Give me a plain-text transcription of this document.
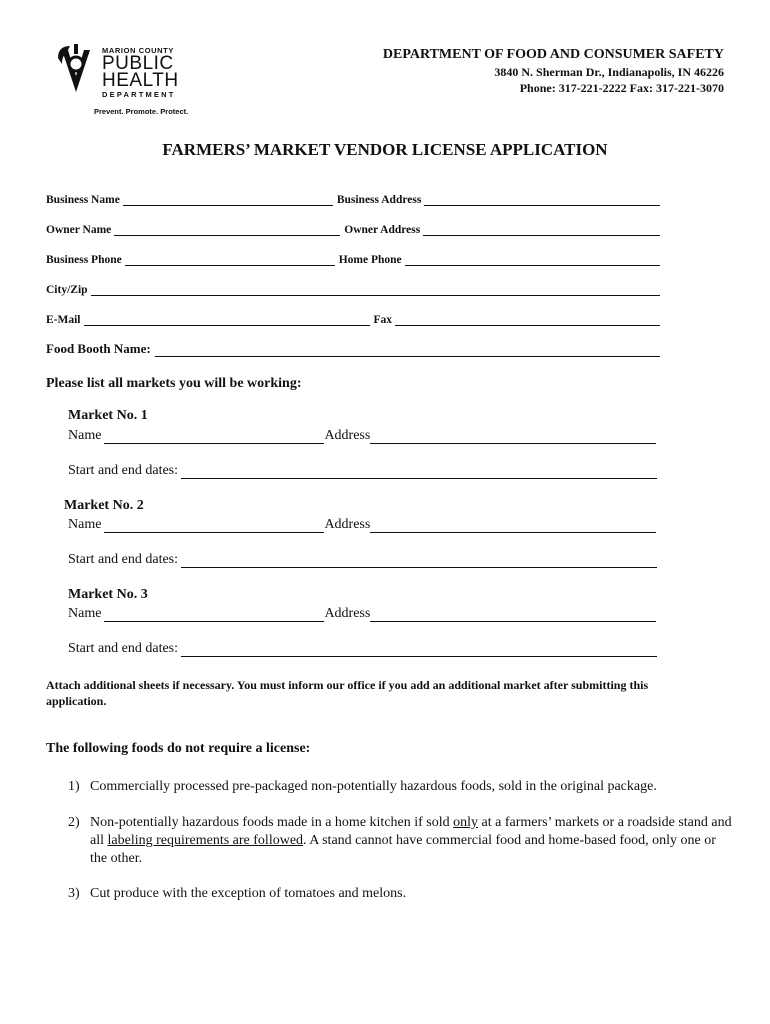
MARION COUNTY
PUBLIC
HEALTH
DEPARTMENT
Prevent. Promote. Protect.
DEPARTMENT OF FOOD AND CONSUMER SAFETY
3840 N. Sherman Dr., Indianapolis, IN 46226
Phone: 317-221-2222 Fax: 317-221-3070
FARMERS’ MARKET VENDOR LICENSE APPLICATION
Business Name	Business Address
Owner Name	Owner Address
Business Phone	Home Phone
City/Zip
E-Mail	Fax
Food Booth Name:
Please list all markets you will be working:
Market No. 1
Name	Address
Start and end dates:
Market No. 2
Name	Address
Start and end dates:
Market No. 3
Name	Address
Start and end dates:
Attach additional sheets if necessary. You must inform our office if you add an additional market after submitting this application.
The following foods do not require a license:
1) Commercially processed pre-packaged non-potentially hazardous foods, sold in the original package.
2) Non-potentially hazardous foods made in a home kitchen if sold only at a farmers’ markets or a roadside stand and all labeling requirements are followed. A stand cannot have commercial food and home-based food, only one or the other.
3) Cut produce with the exception of tomatoes and melons.
